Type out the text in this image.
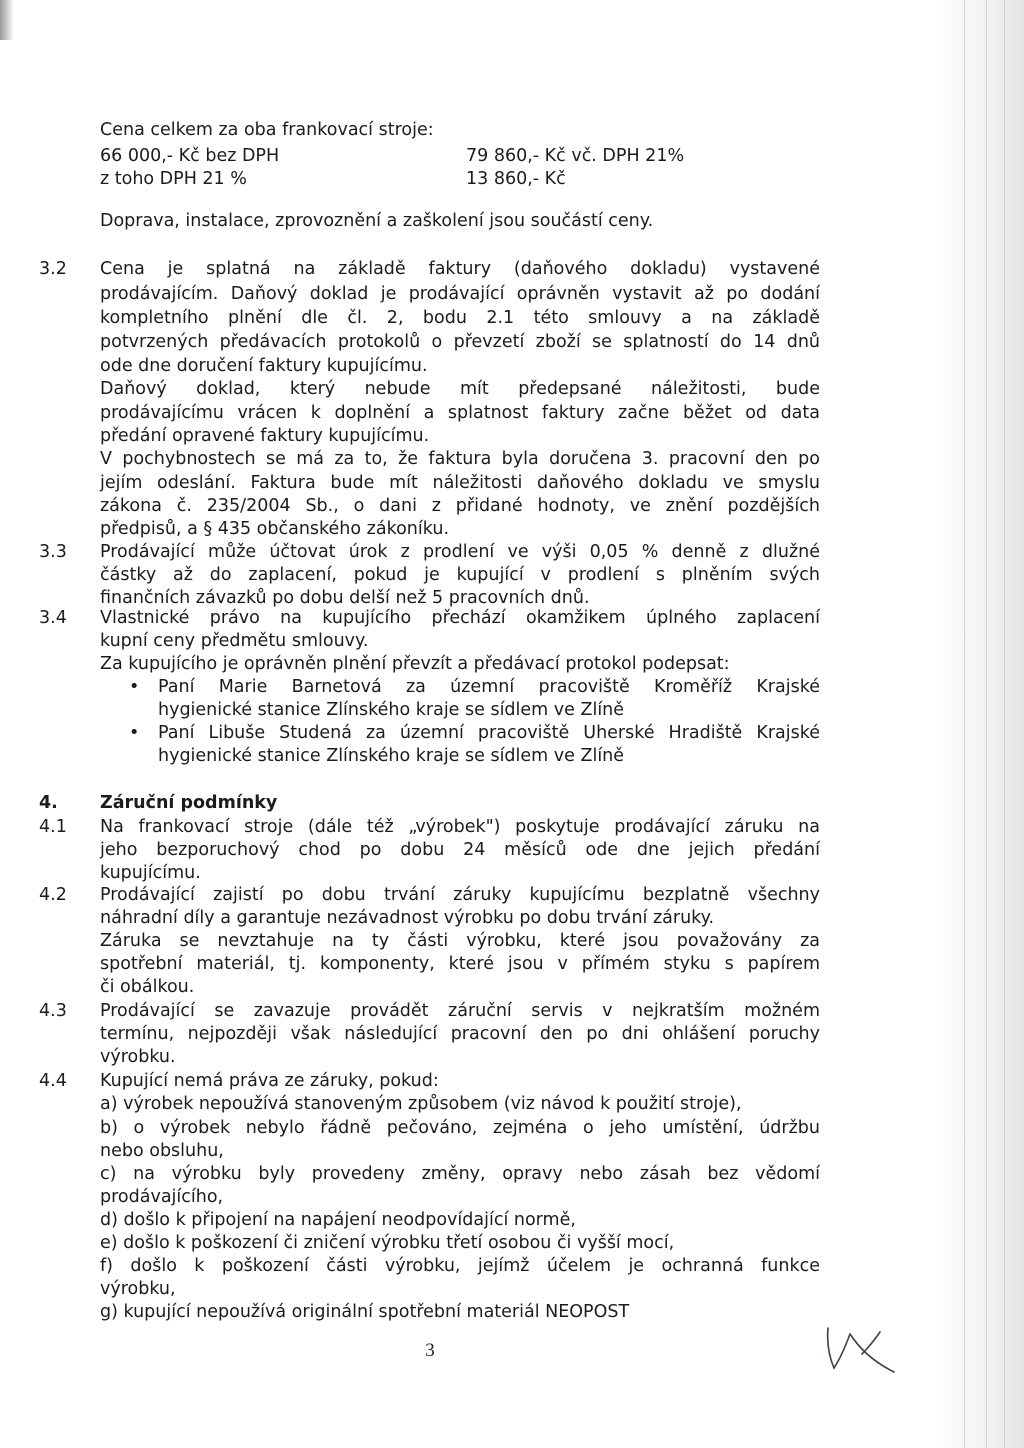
Cena celkem za oba frankovací stroje:
66 000,- Kč bez DPH	79 860,- Kč vč. DPH 21%
z toho DPH 21 %	13 860,- Kč
Doprava, instalace, zprovoznění a zaškolení jsou součástí ceny.
3.2 Cena je splatná na základě faktury (daňového dokladu) vystavené
prodávajícím. Daňový doklad je prodávající oprávněn vystavit až po dodání
kompletního plnění dle čl. 2, bodu 2.1 této smlouvy a na základě
potvrzených předávacích protokolů o převzetí zboží se splatností do 14 dnů
ode dne doručení faktury kupujícímu.
Daňový doklad, který nebude mít předepsané náležitosti, bude
prodávajícímu vrácen k doplnění a splatnost faktury začne běžet od data
předání opravené faktury kupujícímu.
V pochybnostech se má za to, že faktura byla doručena 3. pracovní den po
jejím odeslání. Faktura bude mít náležitosti daňového dokladu ve smyslu
zákona č. 235/2004 Sb., o dani z přidané hodnoty, ve znění pozdějších
předpisů, a § 435 občanského zákoníku.
3.3 Prodávající může účtovat úrok z prodlení ve výši 0,05 % denně z dlužné
částky až do zaplacení, pokud je kupující v prodlení s plněním svých
finančních závazků po dobu delší než 5 pracovních dnů.
3.4 Vlastnické právo na kupujícího přechází okamžikem úplného zaplacení
kupní ceny předmětu smlouvy.
Za kupujícího je oprávněn plnění převzít a předávací protokol podepsat:
• Paní Marie Barnetová za územní pracoviště Kroměříž Krajské
hygienické stanice Zlínského kraje se sídlem ve Zlíně
• Paní Libuše Studená za územní pracoviště Uherské Hradiště Krajské
hygienické stanice Zlínského kraje se sídlem ve Zlíně
4. Záruční podmínky
4.1 Na frankovací stroje (dále též „výrobek") poskytuje prodávající záruku na
jeho bezporuchový chod po dobu 24 měsíců ode dne jejich předání
kupujícímu.
4.2 Prodávající zajistí po dobu trvání záruky kupujícímu bezplatně všechny
náhradní díly a garantuje nezávadnost výrobku po dobu trvání záruky.
Záruka se nevztahuje na ty části výrobku, které jsou považovány za
spotřební materiál, tj. komponenty, které jsou v přímém styku s papírem
či obálkou.
4.3 Prodávající se zavazuje provádět záruční servis v nejkratším možném
termínu, nejpozději však následující pracovní den po dni ohlášení poruchy
výrobku.
4.4 Kupující nemá práva ze záruky, pokud:
a) výrobek nepoužívá stanoveným způsobem (viz návod k použití stroje),
b) o výrobek nebylo řádně pečováno, zejména o jeho umístění, údržbu
nebo obsluhu,
c) na výrobku byly provedeny změny, opravy nebo zásah bez vědomí
prodávajícího,
d) došlo k připojení na napájení neodpovídající normě,
e) došlo k poškození či zničení výrobku třetí osobou či vyšší mocí,
f) došlo k poškození části výrobku, jejímž účelem je ochranná funkce
výrobku,
g) kupující nepoužívá originální spotřební materiál NEOPOST
3
